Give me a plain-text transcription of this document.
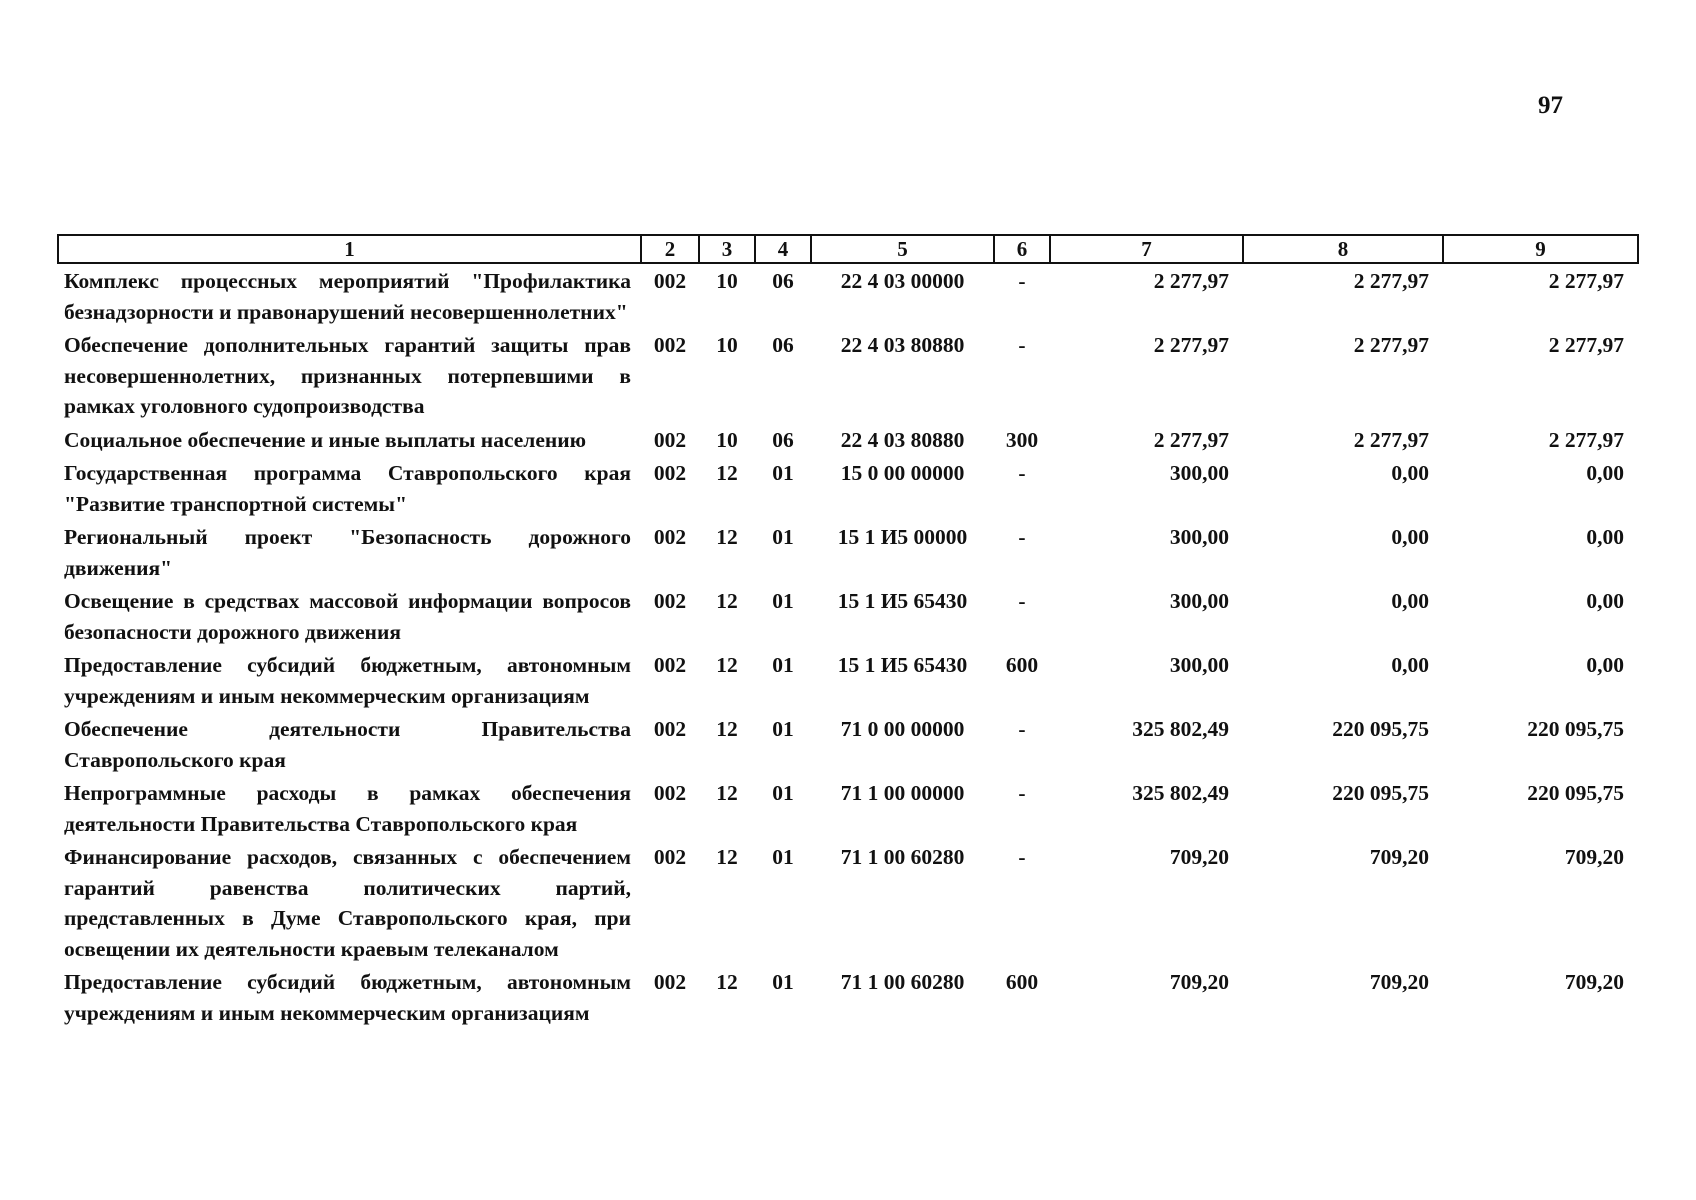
97
1	2	3	4	5	6	7	8	9
Комплекс процессных мероприятий "Профилактика безнадзорности и правонарушений несовершеннолетних"	002	10	06	22 4 03 00000	-	2 277,97	2 277,97	2 277,97
Обеспечение дополнительных гарантий защиты прав несовершеннолетних, признанных потерпевшими в рамках уголовного судопроизводства	002	10	06	22 4 03 80880	-	2 277,97	2 277,97	2 277,97
Социальное обеспечение и иные выплаты населению	002	10	06	22 4 03 80880	300	2 277,97	2 277,97	2 277,97
Государственная программа Ставропольского края "Развитие транспортной системы"	002	12	01	15 0 00 00000	-	300,00	0,00	0,00
Региональный проект "Безопасность дорожного движения"	002	12	01	15 1 И5 00000	-	300,00	0,00	0,00
Освещение в средствах массовой информации вопросов безопасности дорожного движения	002	12	01	15 1 И5 65430	-	300,00	0,00	0,00
Предоставление субсидий бюджетным, автономным учреждениям и иным некоммерческим организациям	002	12	01	15 1 И5 65430	600	300,00	0,00	0,00
Обеспечение деятельности Правительства Ставропольского края	002	12	01	71 0 00 00000	-	325 802,49	220 095,75	220 095,75
Непрограммные расходы в рамках обеспечения деятельности Правительства Ставропольского края	002	12	01	71 1 00 00000	-	325 802,49	220 095,75	220 095,75
Финансирование расходов, связанных с обеспечением гарантий равенства политических партий, представленных в Думе Ставропольского края, при освещении их деятельности краевым телеканалом	002	12	01	71 1 00 60280	-	709,20	709,20	709,20
Предоставление субсидий бюджетным, автономным учреждениям и иным некоммерческим организациям	002	12	01	71 1 00 60280	600	709,20	709,20	709,20
